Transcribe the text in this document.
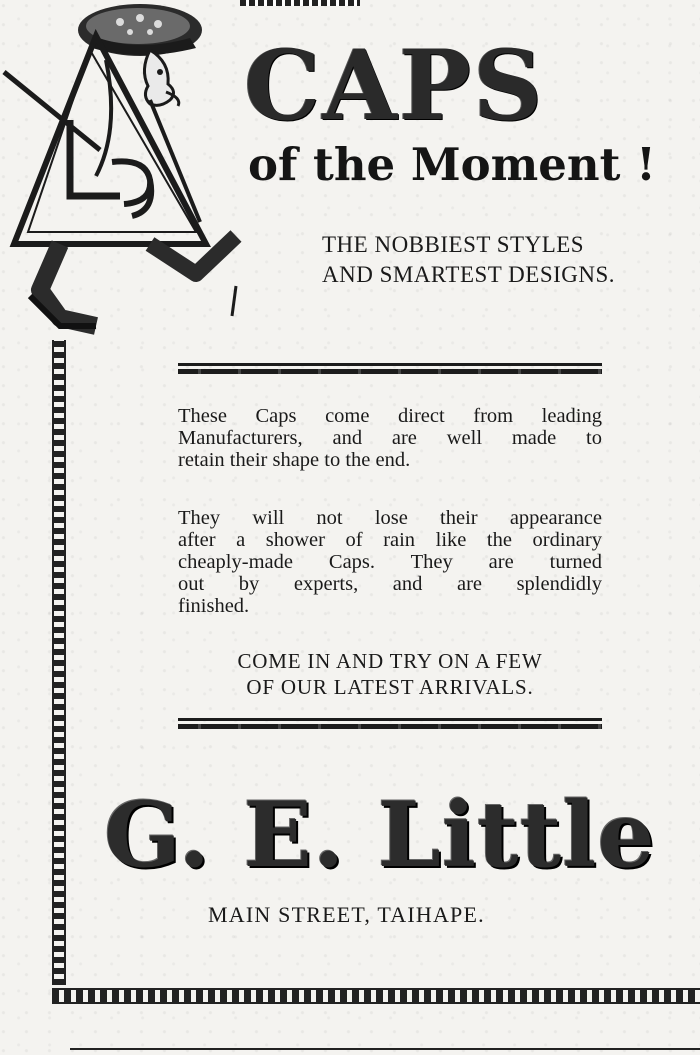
CAPS
of the Moment !
THE NOBBIEST STYLES
AND SMARTEST DESIGNS.
These Caps come direct from leading
Manufacturers, and are well made to
retain their shape to the end.
They will not lose their appearance
after a shower of rain like the ordinary
cheaply-made Caps. They are turned
out by experts, and are splendidly
finished.
COME IN AND TRY ON A FEW
OF OUR LATEST ARRIVALS.
G. E. Little
MAIN STREET, TAIHAPE.
